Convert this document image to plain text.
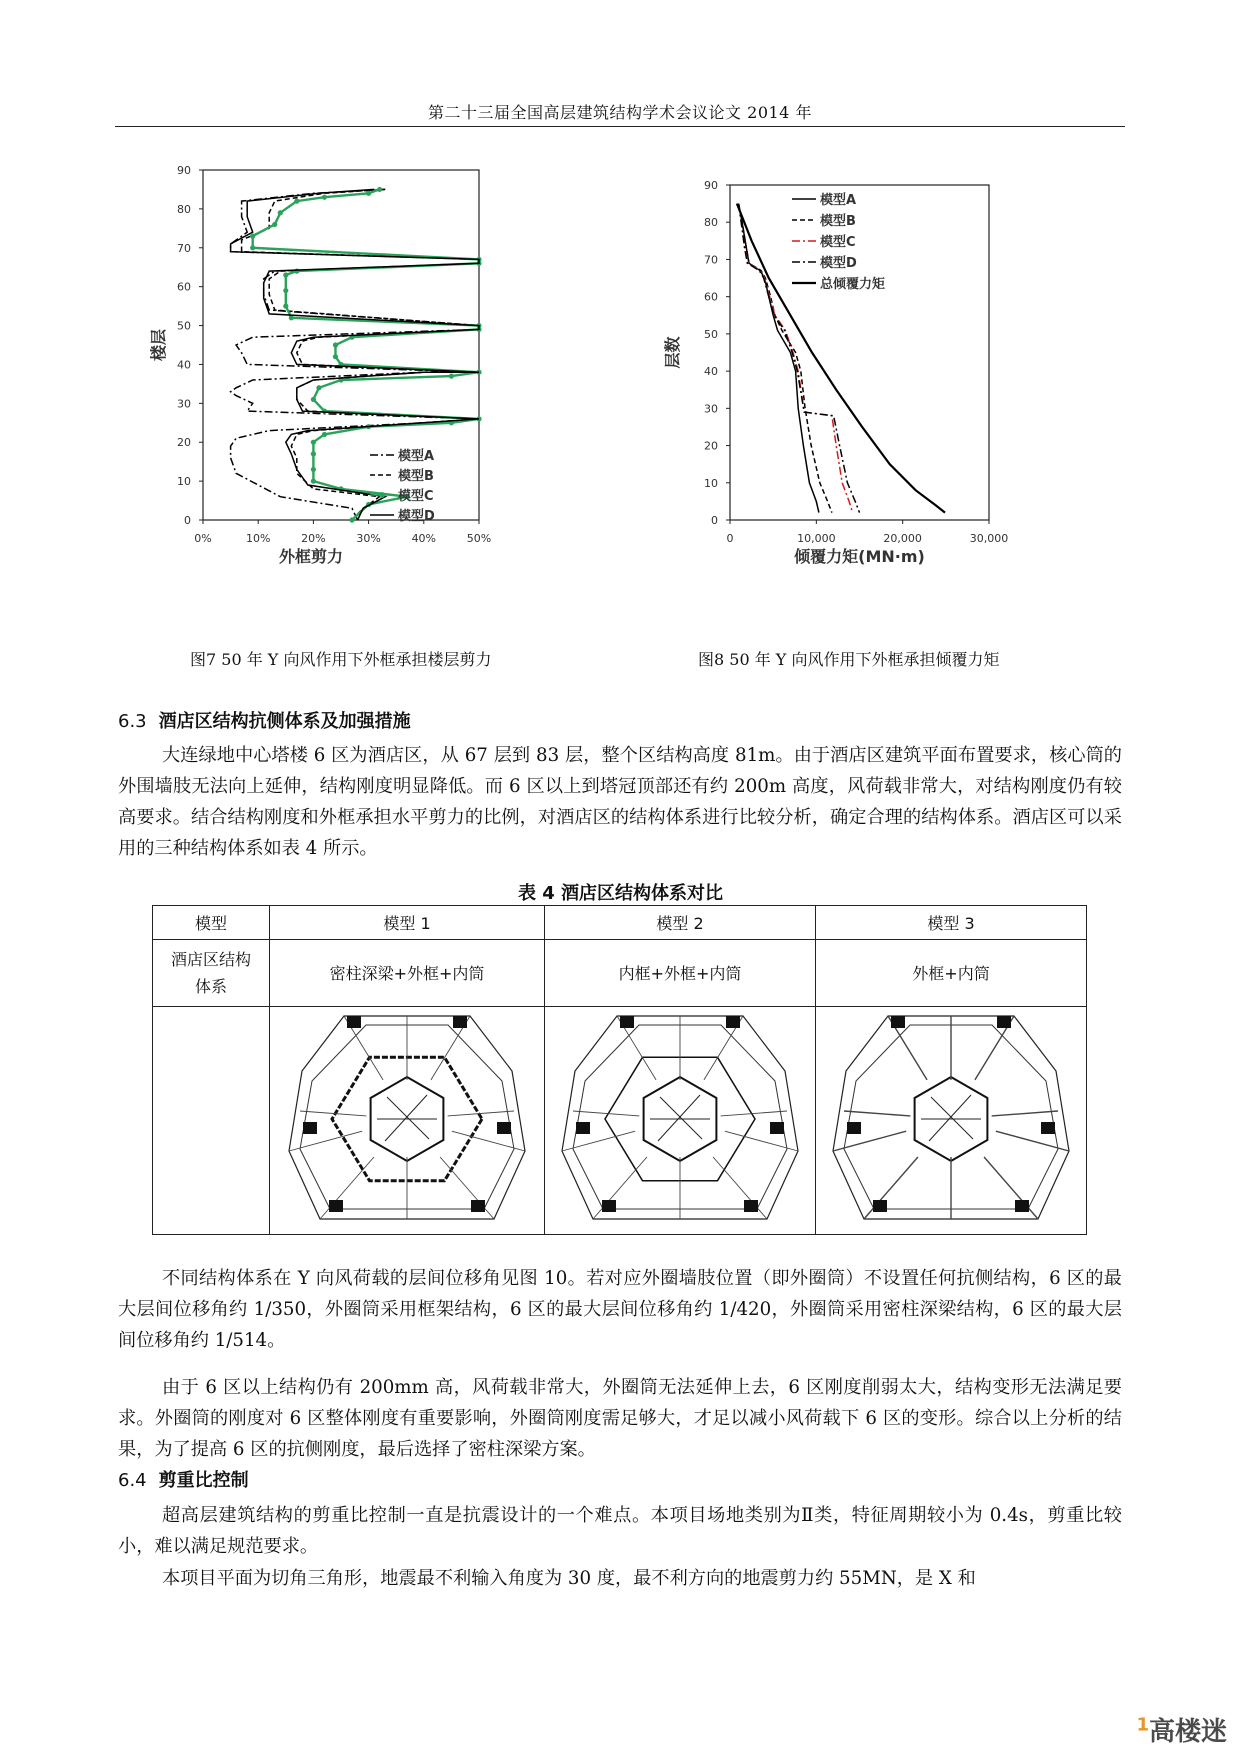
第二十三届全国高层建筑结构学术会议论文 2014 年
0%	10%	20%	30%	40%	50%
0
10
20
30
40
50
60
70
80
90
外框剪力
楼层
模型A
模型B
模型C
模型D
图7 50 年 Y 向风作用下外框承担楼层剪力
0	10,000	20,000	30,000
0
10
20
30
40
50
60
70
80
90
倾覆力矩(MN·m)
层数
模型A
模型B
模型C
模型D
总倾覆力矩
图8 50 年 Y 向风作用下外框承担倾覆力矩
6.3 酒店区结构抗侧体系及加强措施
大连绿地中心塔楼 6 区为酒店区，从 67 层到 83 层，整个区结构高度 81m。由于酒店区建筑平面布置要求，核心筒的外围墙肢无法向上延伸，结构刚度明显降低。而 6 区以上到塔冠顶部还有约 200m 高度，风荷载非常大，对结构刚度仍有较高要求。结合结构刚度和外框承担水平剪力的比例，对酒店区的结构体系进行比较分析，确定合理的结构体系。酒店区可以采用的三种结构体系如表 4 所示。
表 4 酒店区结构体系对比
模型	模型 1	模型 2	模型 3
酒店区结构
体系	密柱深梁+外框+内筒	内框+外框+内筒	外框+内筒

不同结构体系在 Y 向风荷载的层间位移角见图 10。若对应外圈墙肢位置（即外圈筒）不设置任何抗侧结构，6 区的最大层间位移角约 1/350，外圈筒采用框架结构，6 区的最大层间位移角约 1/420，外圈筒采用密柱深梁结构，6 区的最大层间位移角约 1/514。
由于 6 区以上结构仍有 200mm 高，风荷载非常大，外圈筒无法延伸上去，6 区刚度削弱太大，结构变形无法满足要求。外圈筒的刚度对 6 区整体刚度有重要影响，外圈筒刚度需足够大，才足以减小风荷载下 6 区的变形。综合以上分析的结果，为了提高 6 区的抗侧刚度，最后选择了密柱深梁方案。
6.4 剪重比控制
超高层建筑结构的剪重比控制一直是抗震设计的一个难点。本项目场地类别为Ⅱ类，特征周期较小为 0.4s，剪重比较小，难以满足规范要求。
本项目平面为切角三角形，地震最不利输入角度为 30 度，最不利方向的地震剪力约 55MN，是 X 和
$^1$高楼迷
